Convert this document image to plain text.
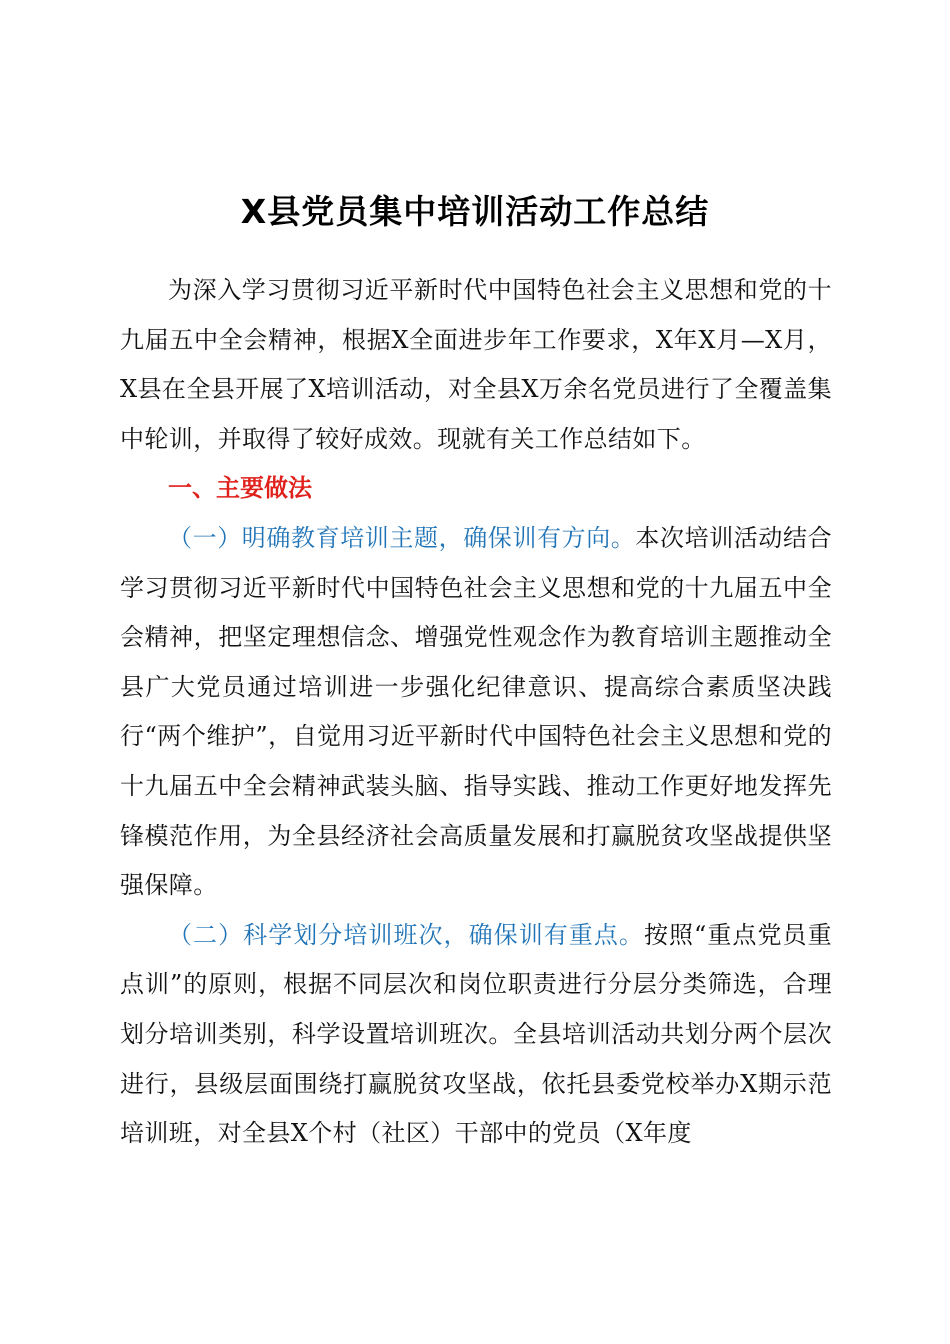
X县党员集中培训活动工作总结

为深入学习贯彻习近平新时代中国特色社会主义思想和党的十九届五中全会精神，根据X全面进步年工作要求，X年X月—X月，X县在全县开展了X培训活动，对全县X万余名党员进行了全覆盖集中轮训，并取得了较好成效。现就有关工作总结如下。

一、主要做法

（一）明确教育培训主题，确保训有方向。本次培训活动结合学习贯彻习近平新时代中国特色社会主义思想和党的十九届五中全会精神，把坚定理想信念、增强党性观念作为教育培训主题推动全县广大党员通过培训进一步强化纪律意识、提高综合素质坚决践行“两个维护”，自觉用习近平新时代中国特色社会主义思想和党的十九届五中全会精神武装头脑、指导实践、推动工作更好地发挥先锋模范作用，为全县经济社会高质量发展和打赢脱贫攻坚战提供坚强保障。

（二）科学划分培训班次，确保训有重点。按照“重点党员重点训”的原则，根据不同层次和岗位职责进行分层分类筛选，合理划分培训类别，科学设置培训班次。全县培训活动共划分两个层次进行，县级层面围绕打赢脱贫攻坚战，依托县委党校举办X期示范培训班，对全县X个村（社区）干部中的党员（X年度
